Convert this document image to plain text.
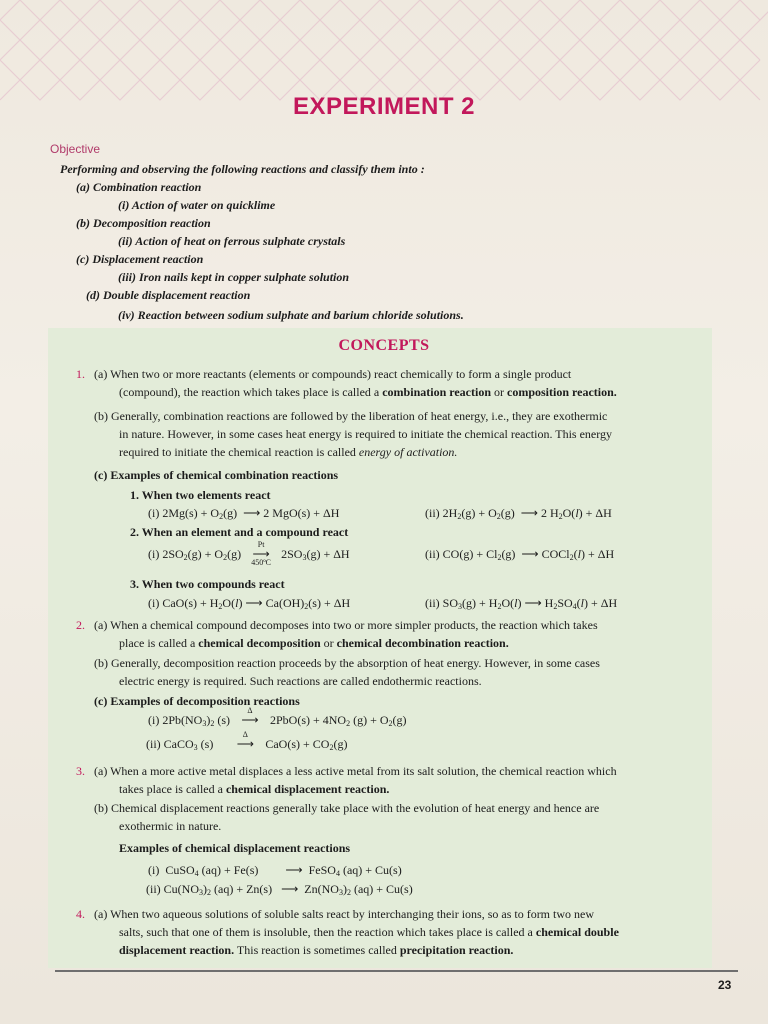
EXPERIMENT 2
Objective
Performing and observing the following reactions and classify them into :
(a) Combination reaction
(i) Action of water on quicklime
(b) Decomposition reaction
(ii) Action of heat on ferrous sulphate crystals
(c) Displacement reaction
(iii) Iron nails kept in copper sulphate solution
(d) Double displacement reaction
(iv) Reaction between sodium sulphate and barium chloride solutions.
CONCEPTS
1. (a) When two or more reactants (elements or compounds) react chemically to form a single product
(compound), the reaction which takes place is called a combination reaction or composition reaction.
(b) Generally, combination reactions are followed by the liberation of heat energy, i.e., they are exothermic
in nature. However, in some cases heat energy is required to initiate the chemical reaction. This energy
required to initiate the chemical reaction is called energy of activation.
(c) Examples of chemical combination reactions
1. When two elements react
(i) $2Mg(s) + O_2(g)$  ⟶ 2 MgO(s) + ΔH	(ii) $2H_2(g) + O_2(g)$  ⟶ 2 $H_2O(l) + \Delta H$
2. When an element and a compound react
(i) $2SO_2(g) + O_2(g)$
Pt
⟶
450ºC
$2SO_3(g) + \Delta H$	(ii) $CO(g) + Cl_2(g)$  ⟶ COCl$_2$(l) + ΔH
3. When two compounds react
(i) $CaO(s) + H_2O(l)$ ⟶ $Ca(OH)_2(s) + \Delta H$	(ii) $SO_3(g) + H_2O(l)$ ⟶ $H_2SO_4(l) + \Delta H$
2. (a) When a chemical compound decomposes into two or more simpler products, the reaction which takes
place is called a chemical decomposition or chemical decombination reaction.
(b) Generally, decomposition reaction proceeds by the absorption of heat energy. However, in some cases
electric energy is required. Such reactions are called endothermic reactions.
(c) Examples of decomposition reactions
(i) $2Pb(NO_3)_2$ (s)
Δ
⟶ $2PbO(s) + 4NO_2$ $(g) + O_2(g)$
(ii) CaCO$_3$ (s)
Δ
⟶ $CaO(s) + CO_2(g)$
3. (a) When a more active metal displaces a less active metal from its salt solution, the chemical reaction which
takes place is called a chemical displacement reaction.
(b) Chemical displacement reactions generally take place with the evolution of heat energy and hence are
exothermic in nature.
Examples of chemical displacement reactions
(i)  CuSO$_4$ (aq) + Fe(s)         ⟶  FeSO$_4$ (aq) + Cu(s)
(ii) $Cu(NO_3)_2$ (aq) + Zn(s)   ⟶  $Zn(NO_3)_2$ (aq) + Cu(s)
4. (a) When two aqueous solutions of soluble salts react by interchanging their ions, so as to form two new
salts, such that one of them is insoluble, then the reaction which takes place is called a chemical double
displacement reaction. This reaction is sometimes called precipitation reaction.
23
